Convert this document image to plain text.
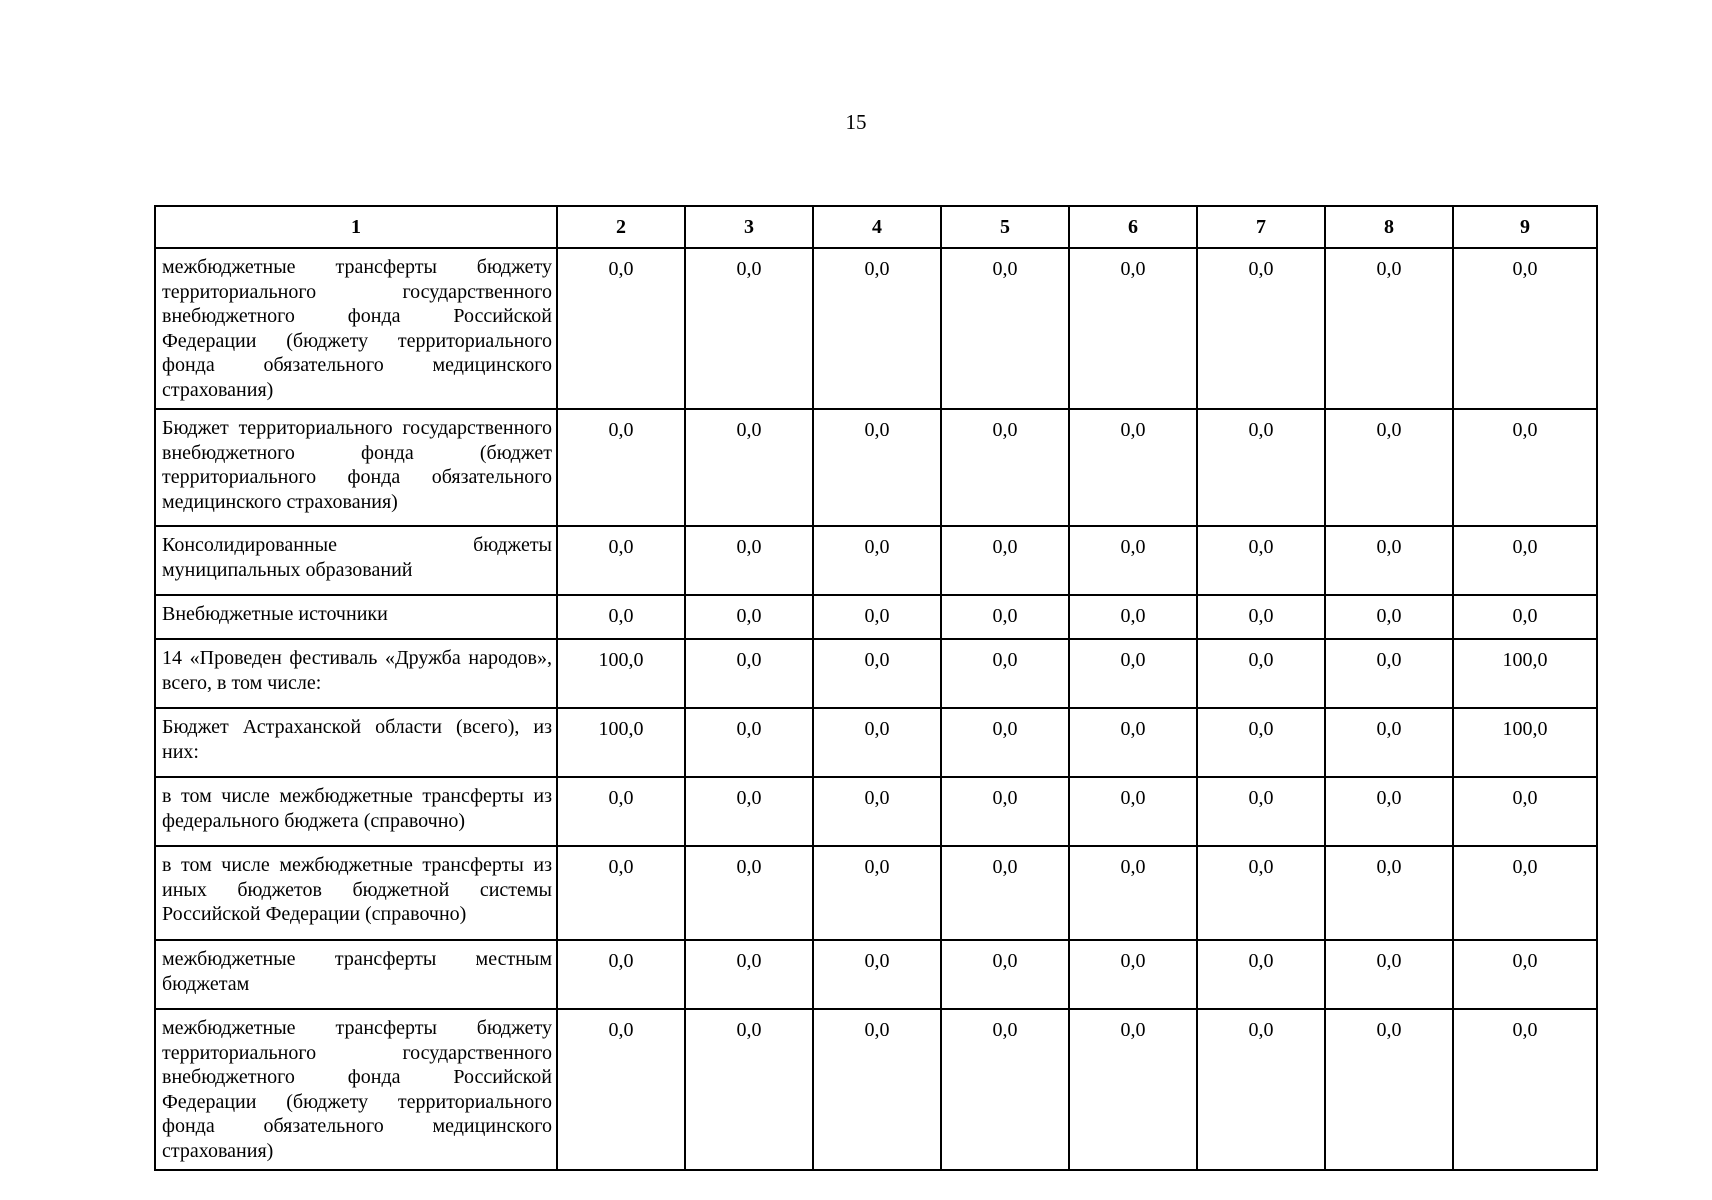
15
1	2	3	4	5	6	7	8	9
межбюджетные трансферты бюджету территориального государственного внебюджетного фонда Российской Федерации (бюджету территориального фонда обязательного медицинского страхования)	0,0	0,0	0,0	0,0	0,0	0,0	0,0	0,0
Бюджет территориального государственного внебюджетного фонда (бюджет территориального фонда обязательного медицинского страхования)	0,0	0,0	0,0	0,0	0,0	0,0	0,0	0,0
Консолидированные бюджеты муниципальных образований	0,0	0,0	0,0	0,0	0,0	0,0	0,0	0,0
Внебюджетные источники	0,0	0,0	0,0	0,0	0,0	0,0	0,0	0,0
14 «Проведен фестиваль «Дружба народов», всего, в том числе:	100,0	0,0	0,0	0,0	0,0	0,0	0,0	100,0
Бюджет Астраханской области (всего), из них:	100,0	0,0	0,0	0,0	0,0	0,0	0,0	100,0
в том числе межбюджетные трансферты из федерального бюджета (справочно)	0,0	0,0	0,0	0,0	0,0	0,0	0,0	0,0
в том числе межбюджетные трансферты из иных бюджетов бюджетной системы Российской Федерации (справочно)	0,0	0,0	0,0	0,0	0,0	0,0	0,0	0,0
межбюджетные трансферты местным бюджетам	0,0	0,0	0,0	0,0	0,0	0,0	0,0	0,0
межбюджетные трансферты бюджету территориального государственного внебюджетного фонда Российской Федерации (бюджету территориального фонда обязательного медицинского страхования)	0,0	0,0	0,0	0,0	0,0	0,0	0,0	0,0
